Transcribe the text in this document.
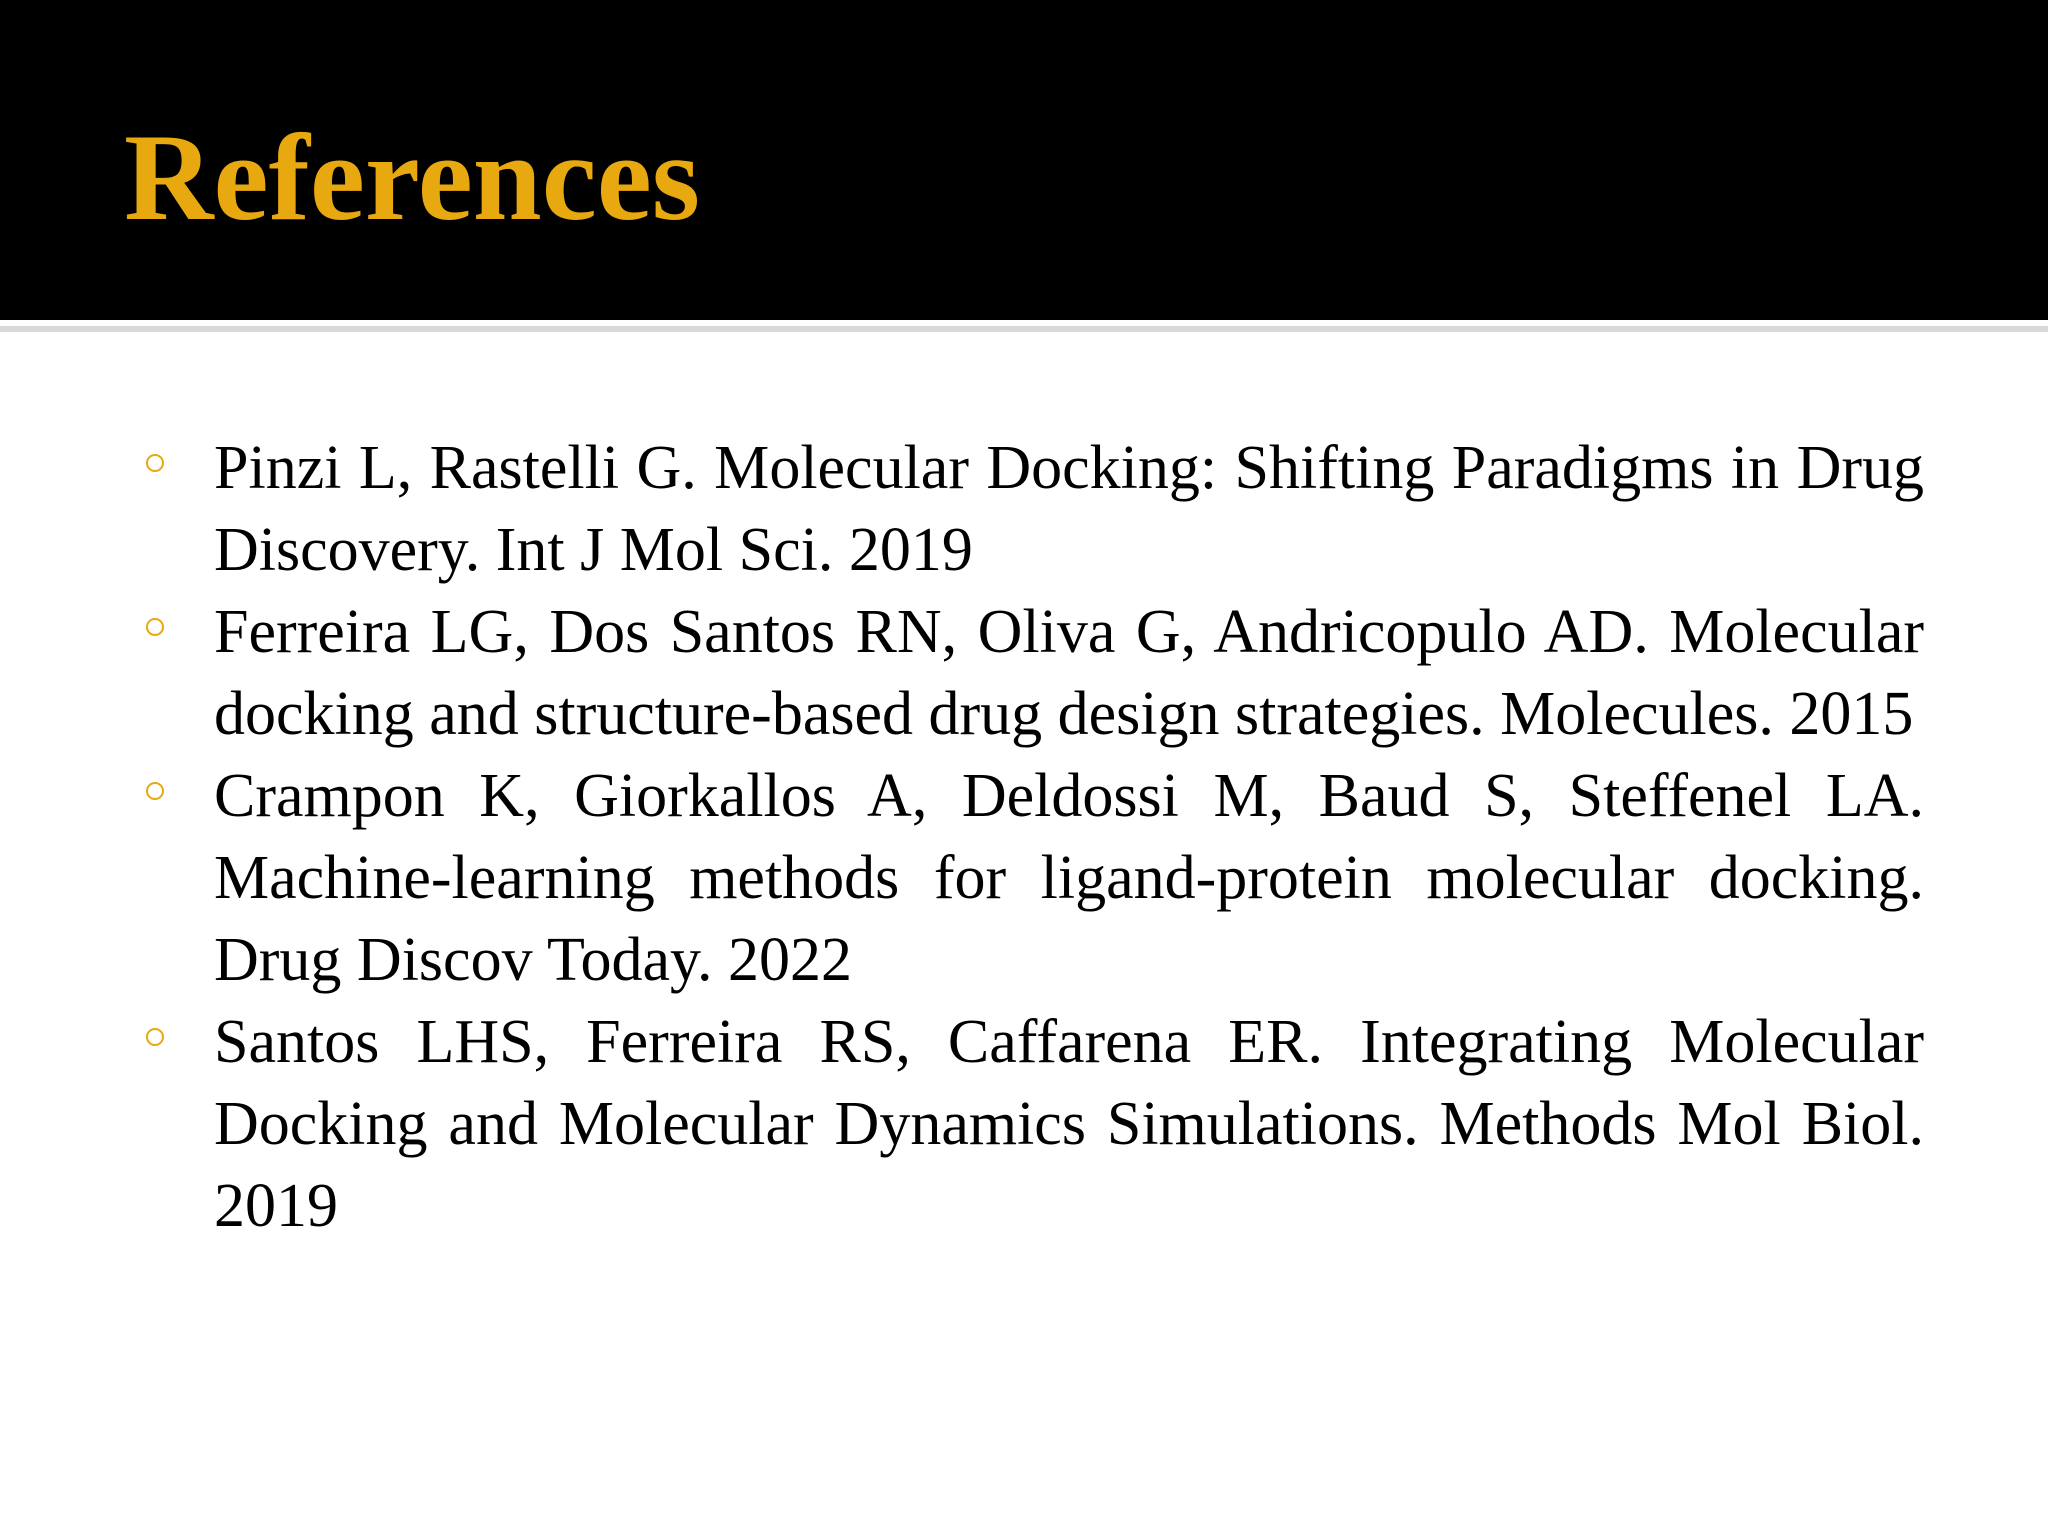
References
Pinzi L, Rastelli G. Molecular Docking: Shifting Paradigms in Drug Discovery. Int J Mol Sci. 2019
Ferreira LG, Dos Santos RN, Oliva G, Andricopulo AD. Molecular docking and structure-based drug design strategies. Molecules. 2015
Crampon K, Giorkallos A, Deldossi M, Baud S, Steffenel LA. Machine-learning methods for ligand-protein molecular docking. Drug Discov Today. 2022
Santos LHS, Ferreira RS, Caffarena ER. Integrating Molecular Docking and Molecular Dynamics Simulations. Methods Mol Biol. 2019
